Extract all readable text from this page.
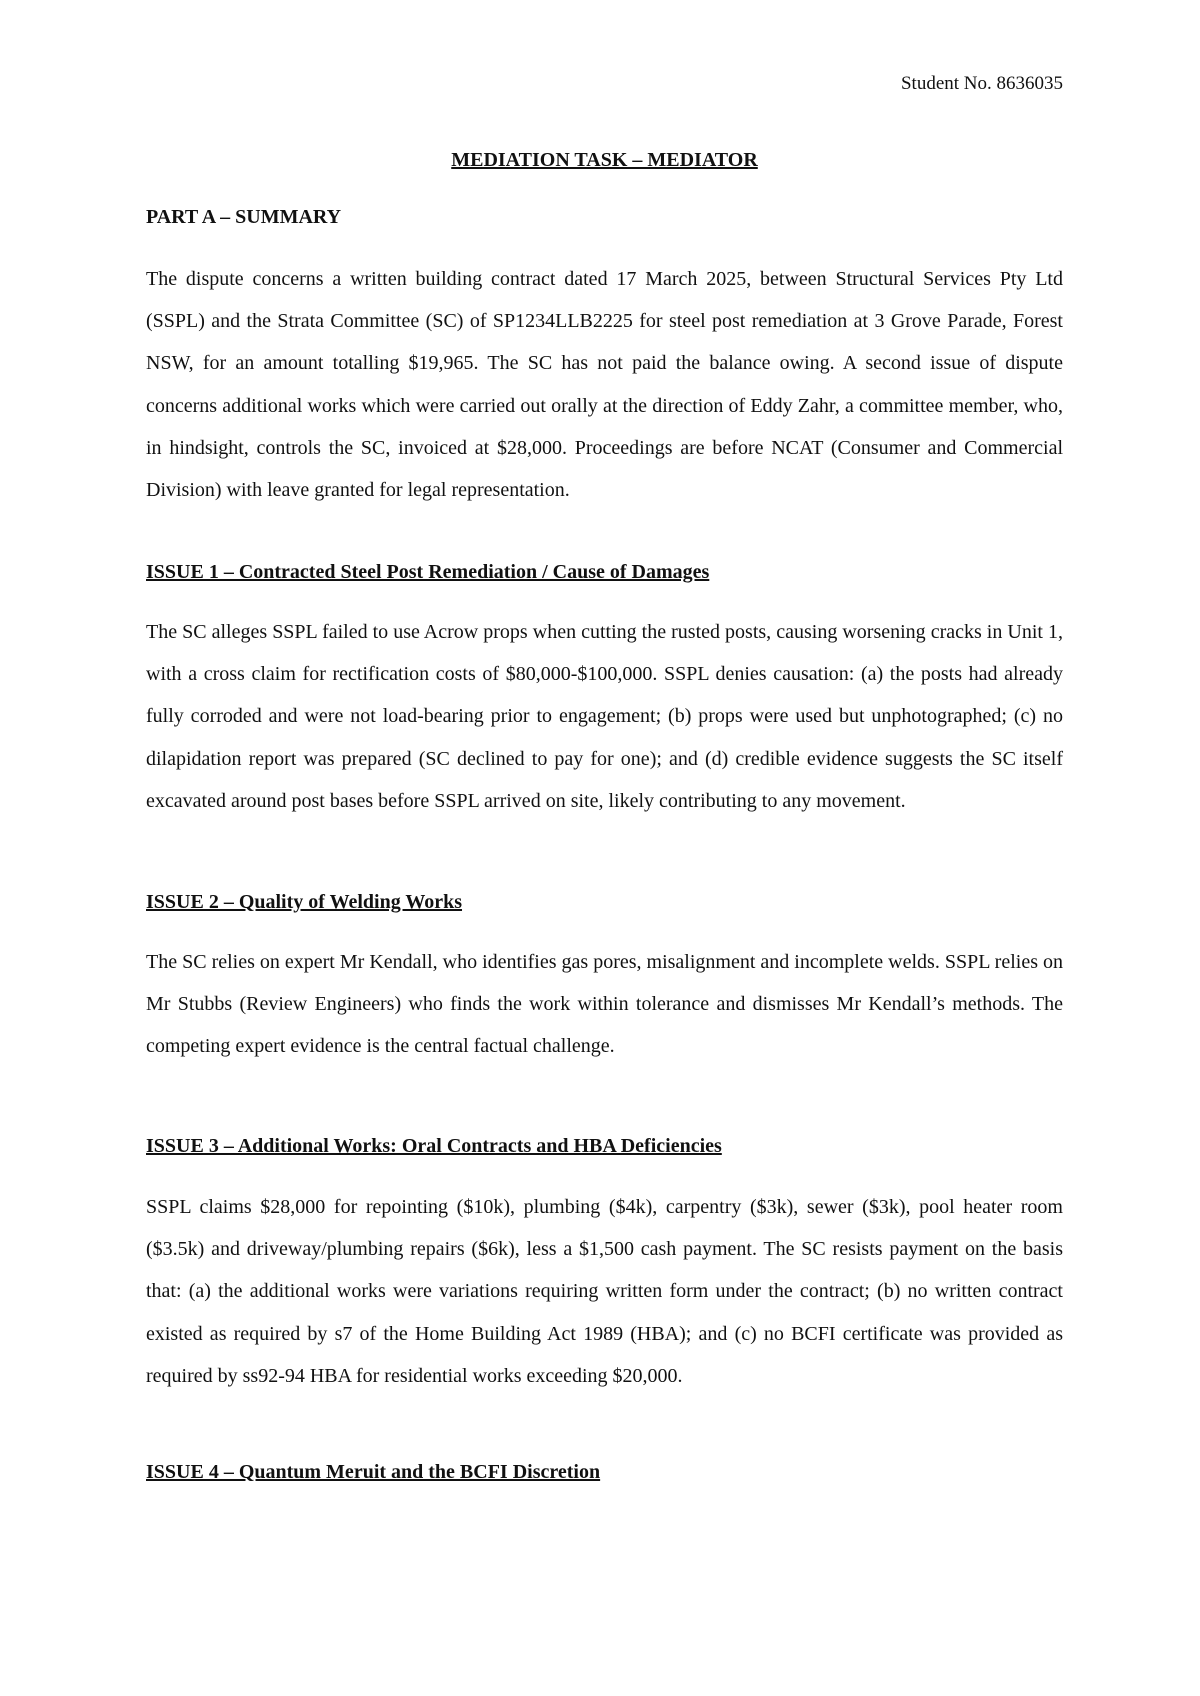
Student No. 8636035
MEDIATION TASK – MEDIATOR
PART A – SUMMARY

The dispute concerns a written building contract dated 17 March 2025, between Structural Services Pty Ltd (SSPL) and the Strata Committee (SC) of SP1234LLB2225 for steel post remediation at 3 Grove Parade, Forest NSW, for an amount totalling $19,965. The SC has not paid the balance owing. A second issue of dispute concerns additional works which were carried out orally at the direction of Eddy Zahr, a committee member, who, in hindsight, controls the SC, invoiced at $28,000. Proceedings are before NCAT (Consumer and Commercial Division) with leave granted for legal representation.

ISSUE 1 – Contracted Steel Post Remediation / Cause of Damages

The SC alleges SSPL failed to use Acrow props when cutting the rusted posts, causing worsening cracks in Unit 1, with a cross claim for rectification costs of $80,000-$100,000. SSPL denies causation: (a) the posts had already fully corroded and were not load-bearing prior to engagement; (b) props were used but unphotographed; (c) no dilapidation report was prepared (SC declined to pay for one); and (d) credible evidence suggests the SC itself excavated around post bases before SSPL arrived on site, likely contributing to any movement.

ISSUE 2 – Quality of Welding Works

The SC relies on expert Mr Kendall, who identifies gas pores, misalignment and incomplete welds. SSPL relies on Mr Stubbs (Review Engineers) who finds the work within tolerance and dismisses Mr Kendall’s methods. The competing expert evidence is the central factual challenge.

ISSUE 3 – Additional Works: Oral Contracts and HBA Deficiencies

SSPL claims $28,000 for repointing ($10k), plumbing ($4k), carpentry ($3k), sewer ($3k), pool heater room ($3.5k) and driveway/plumbing repairs ($6k), less a $1,500 cash payment. The SC resists payment on the basis that: (a) the additional works were variations requiring written form under the contract; (b) no written contract existed as required by s7 of the Home Building Act 1989 (HBA); and (c) no BCFI certificate was provided as required by ss92-94 HBA for residential works exceeding $20,000.

ISSUE 4 – Quantum Meruit and the BCFI Discretion
